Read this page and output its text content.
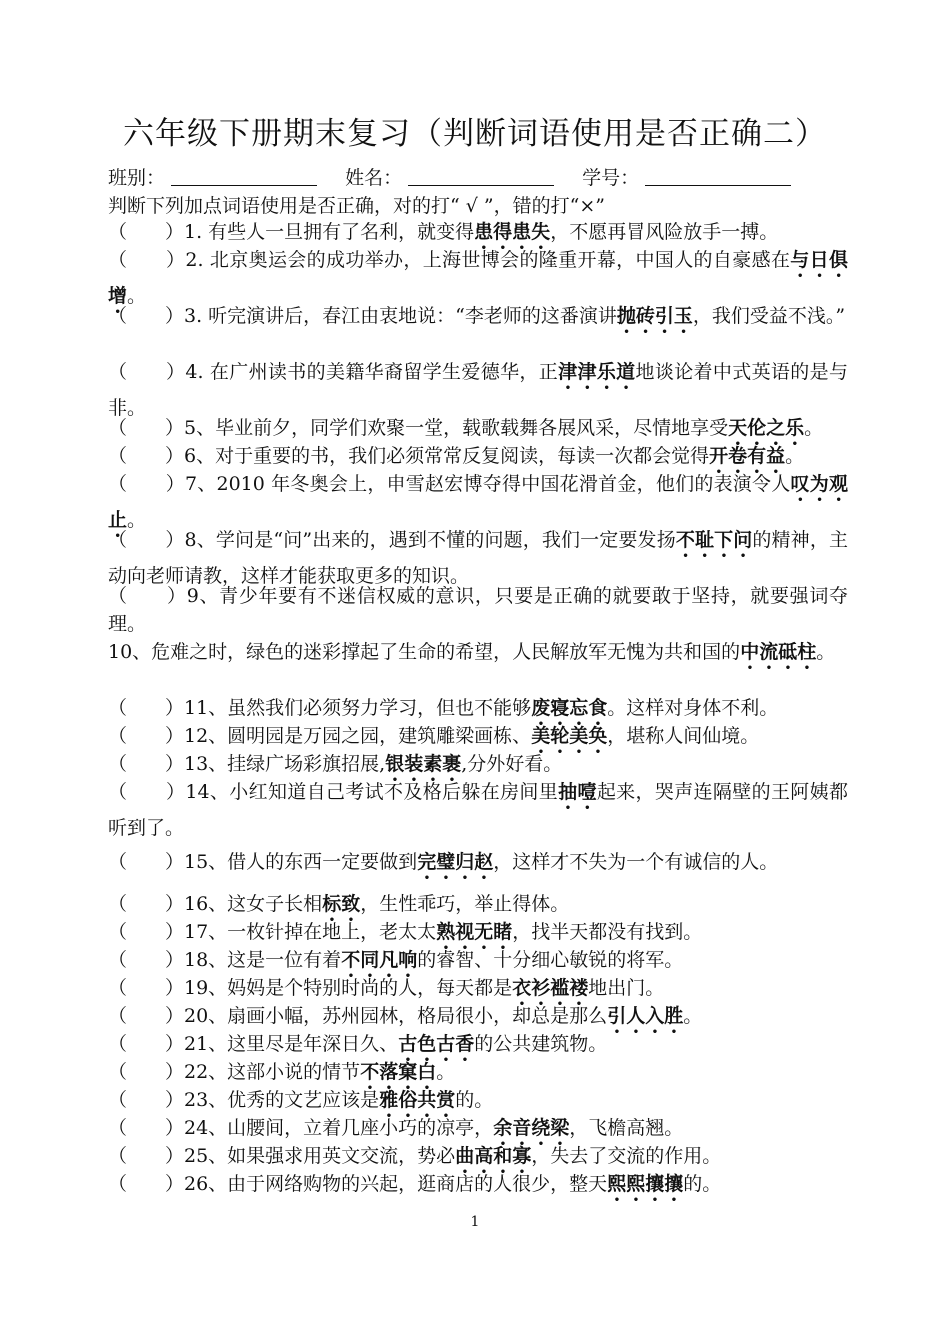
六年级下册期末复习（判断词语使用是否正确二）
班别：	姓名：	学号：
判断下列加点词语使用是否正确，对的打“ √ ”，错的打“×”
（　　）1. 有些人一旦拥有了名利，就变得患得患失，不愿再冒风险放手一搏。
（　　）2. 北京奥运会的成功举办，上海世博会的隆重开幕，中国人的自豪感在与日俱增。
（　　）3. 听完演讲后，春江由衷地说：“李老师的这番演讲抛砖引玉，我们受益不浅。”
（　　）4. 在广州读书的美籍华裔留学生爱德华，正津津乐道地谈论着中式英语的是与非。
（　　）5、毕业前夕，同学们欢聚一堂，载歌载舞各展风采，尽情地享受天伦之乐。
（　　）6、对于重要的书，我们必须常常反复阅读，每读一次都会觉得开卷有益。
（　　）7、2010 年冬奥会上，申雪赵宏博夺得中国花滑首金，他们的表演令人叹为观止。
（　　）8、学问是“问”出来的，遇到不懂的问题，我们一定要发扬不耻下问的精神，主动向老师请教，这样才能获取更多的知识。
（　　）9、青少年要有不迷信权威的意识，只要是正确的就要敢于坚持，就要强词夺理。
10、危难之时，绿色的迷彩撑起了生命的希望，人民解放军无愧为共和国的中流砥柱。
（　　）11、虽然我们必须努力学习，但也不能够废寝忘食。这样对身体不利。
（　　）12、圆明园是万园之园，建筑雕梁画栋、美轮美奂，堪称人间仙境。
（　　）13、挂绿广场彩旗招展,银装素裹,分外好看。
（　　）14、小红知道自己考试不及格后躲在房间里抽噎起来，哭声连隔壁的王阿姨都听到了。
（　　）15、借人的东西一定要做到完璧归赵，这样才不失为一个有诚信的人。
（　　）16、这女子长相标致，生性乖巧，举止得体。
（　　）17、一枚针掉在地上，老太太熟视无睹，找半天都没有找到。
（　　）18、这是一位有着不同凡响的睿智、十分细心敏锐的将军。
（　　）19、妈妈是个特别时尚的人，每天都是衣衫褴褛地出门。
（　　）20、扇画小幅，苏州园林，格局很小，却总是那么引人入胜。
（　　）21、这里尽是年深日久、古色古香的公共建筑物。
（　　）22、这部小说的情节不落窠白。
（　　）23、优秀的文艺应该是雅俗共赏的。
（　　）24、山腰间，立着几座小巧的凉亭，余音绕梁，飞檐高翘。
（　　）25、如果强求用英文交流，势必曲高和寡，失去了交流的作用。
（　　）26、由于网络购物的兴起，逛商店的人很少，整天熙熙攘攘的。
1
